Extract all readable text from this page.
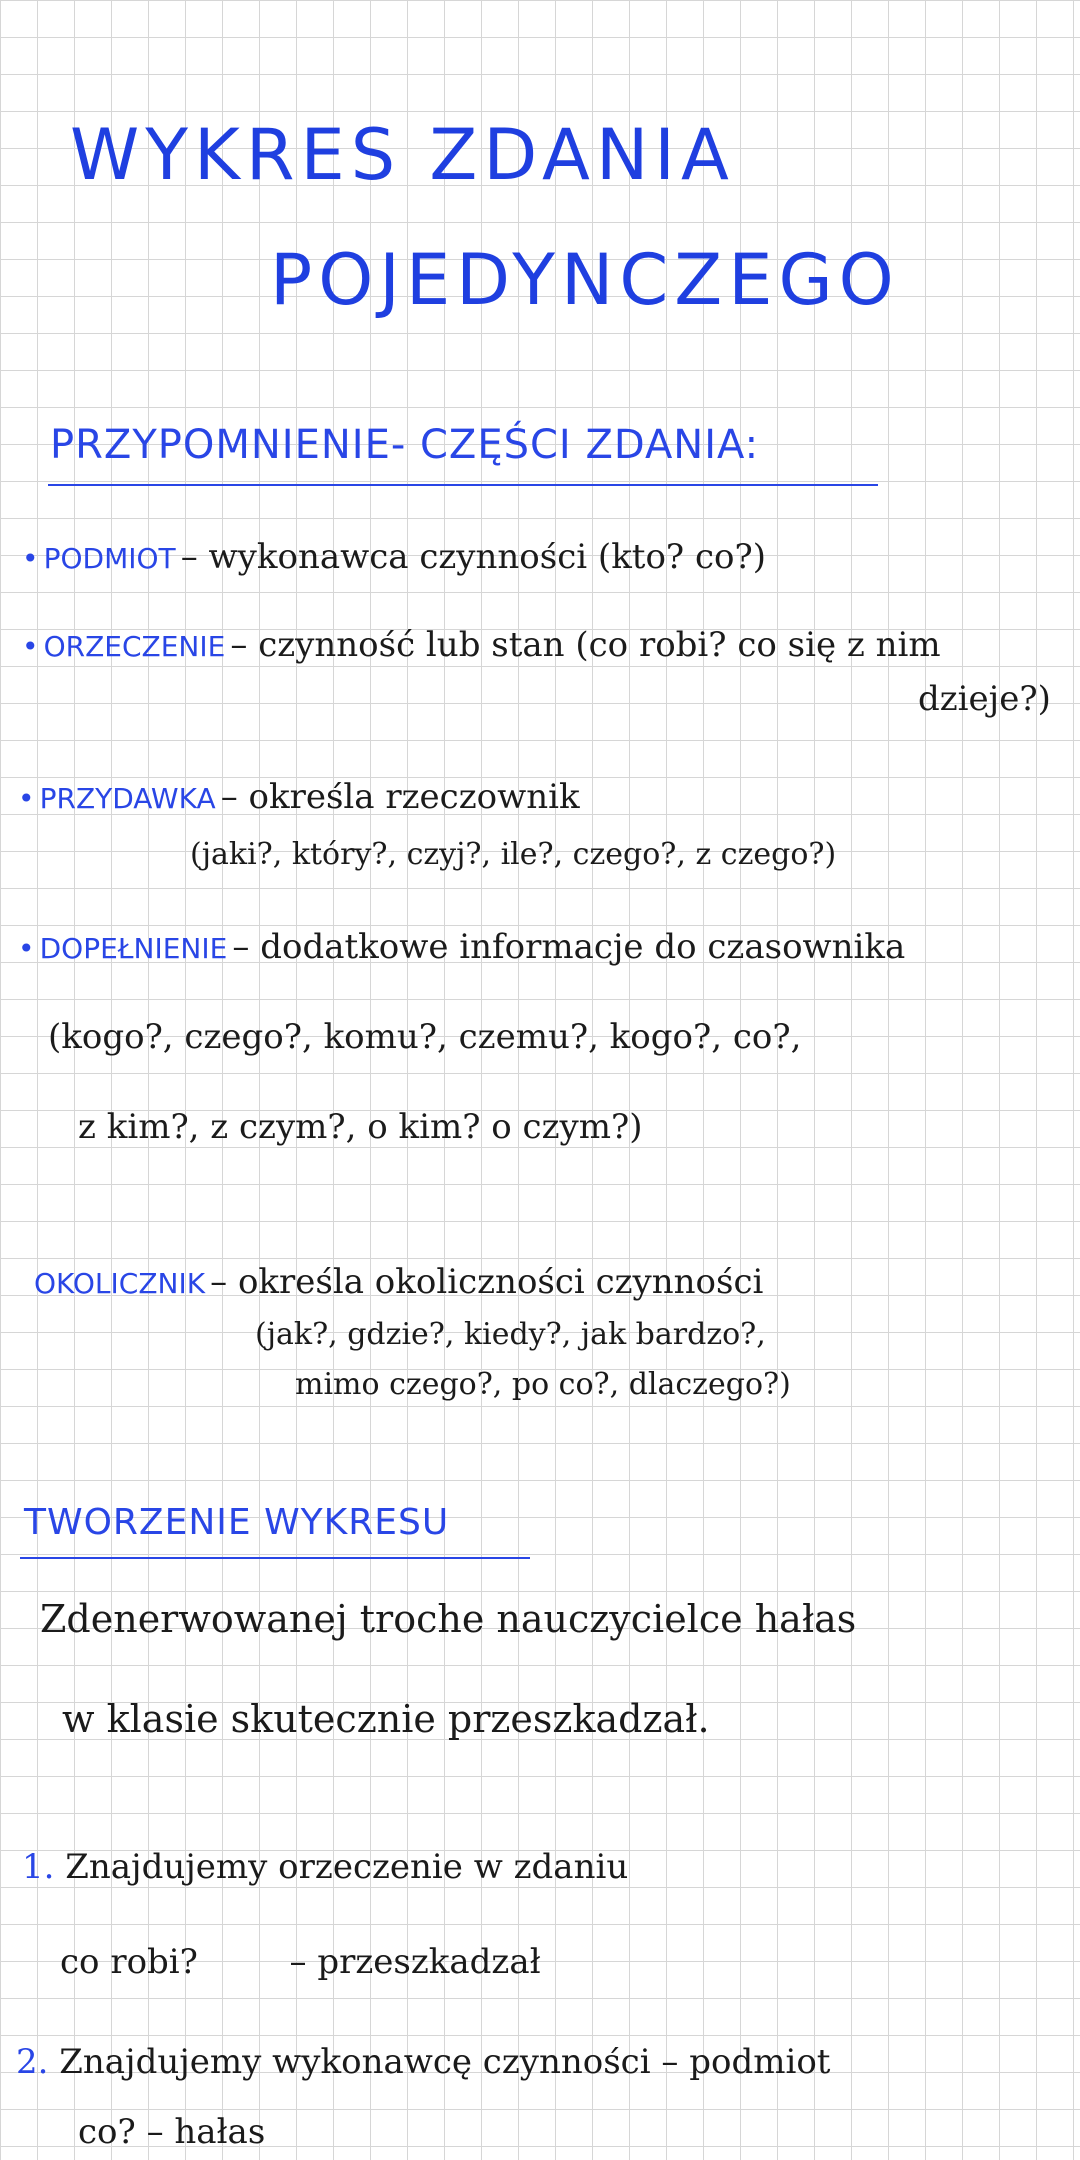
WYKRES ZDANIA
POJEDYNCZEGO
PRZYPOMNIENIE- CZĘŚCI ZDANIA:
• PODMIOT – wykonawca czynności (kto? co?)
• ORZECZENIE – czynność lub stan (co robi? co się z nim
dzieje?)
• PRZYDAWKA – określa rzeczownik
(jaki?, który?, czyj?, ile?, czego?, z czego?)
• DOPEŁNIENIE – dodatkowe informacje do czasownika
(kogo?, czego?, komu?, czemu?, kogo?, co?,
z kim?, z czym?, o kim? o czym?)
OKOLICZNIK – określa okoliczności czynności
(jak?, gdzie?, kiedy?, jak bardzo?,
mimo czego?, po co?, dlaczego?)
TWORZENIE WYKRESU
Zdenerwowanej troche nauczycielce hałas
w klasie skutecznie przeszkadzał.
1. Znajdujemy orzeczenie w zdaniu
co robi?	– przeszkadzał
2. Znajdujemy wykonawcę czynności – podmiot
co? – hałas
